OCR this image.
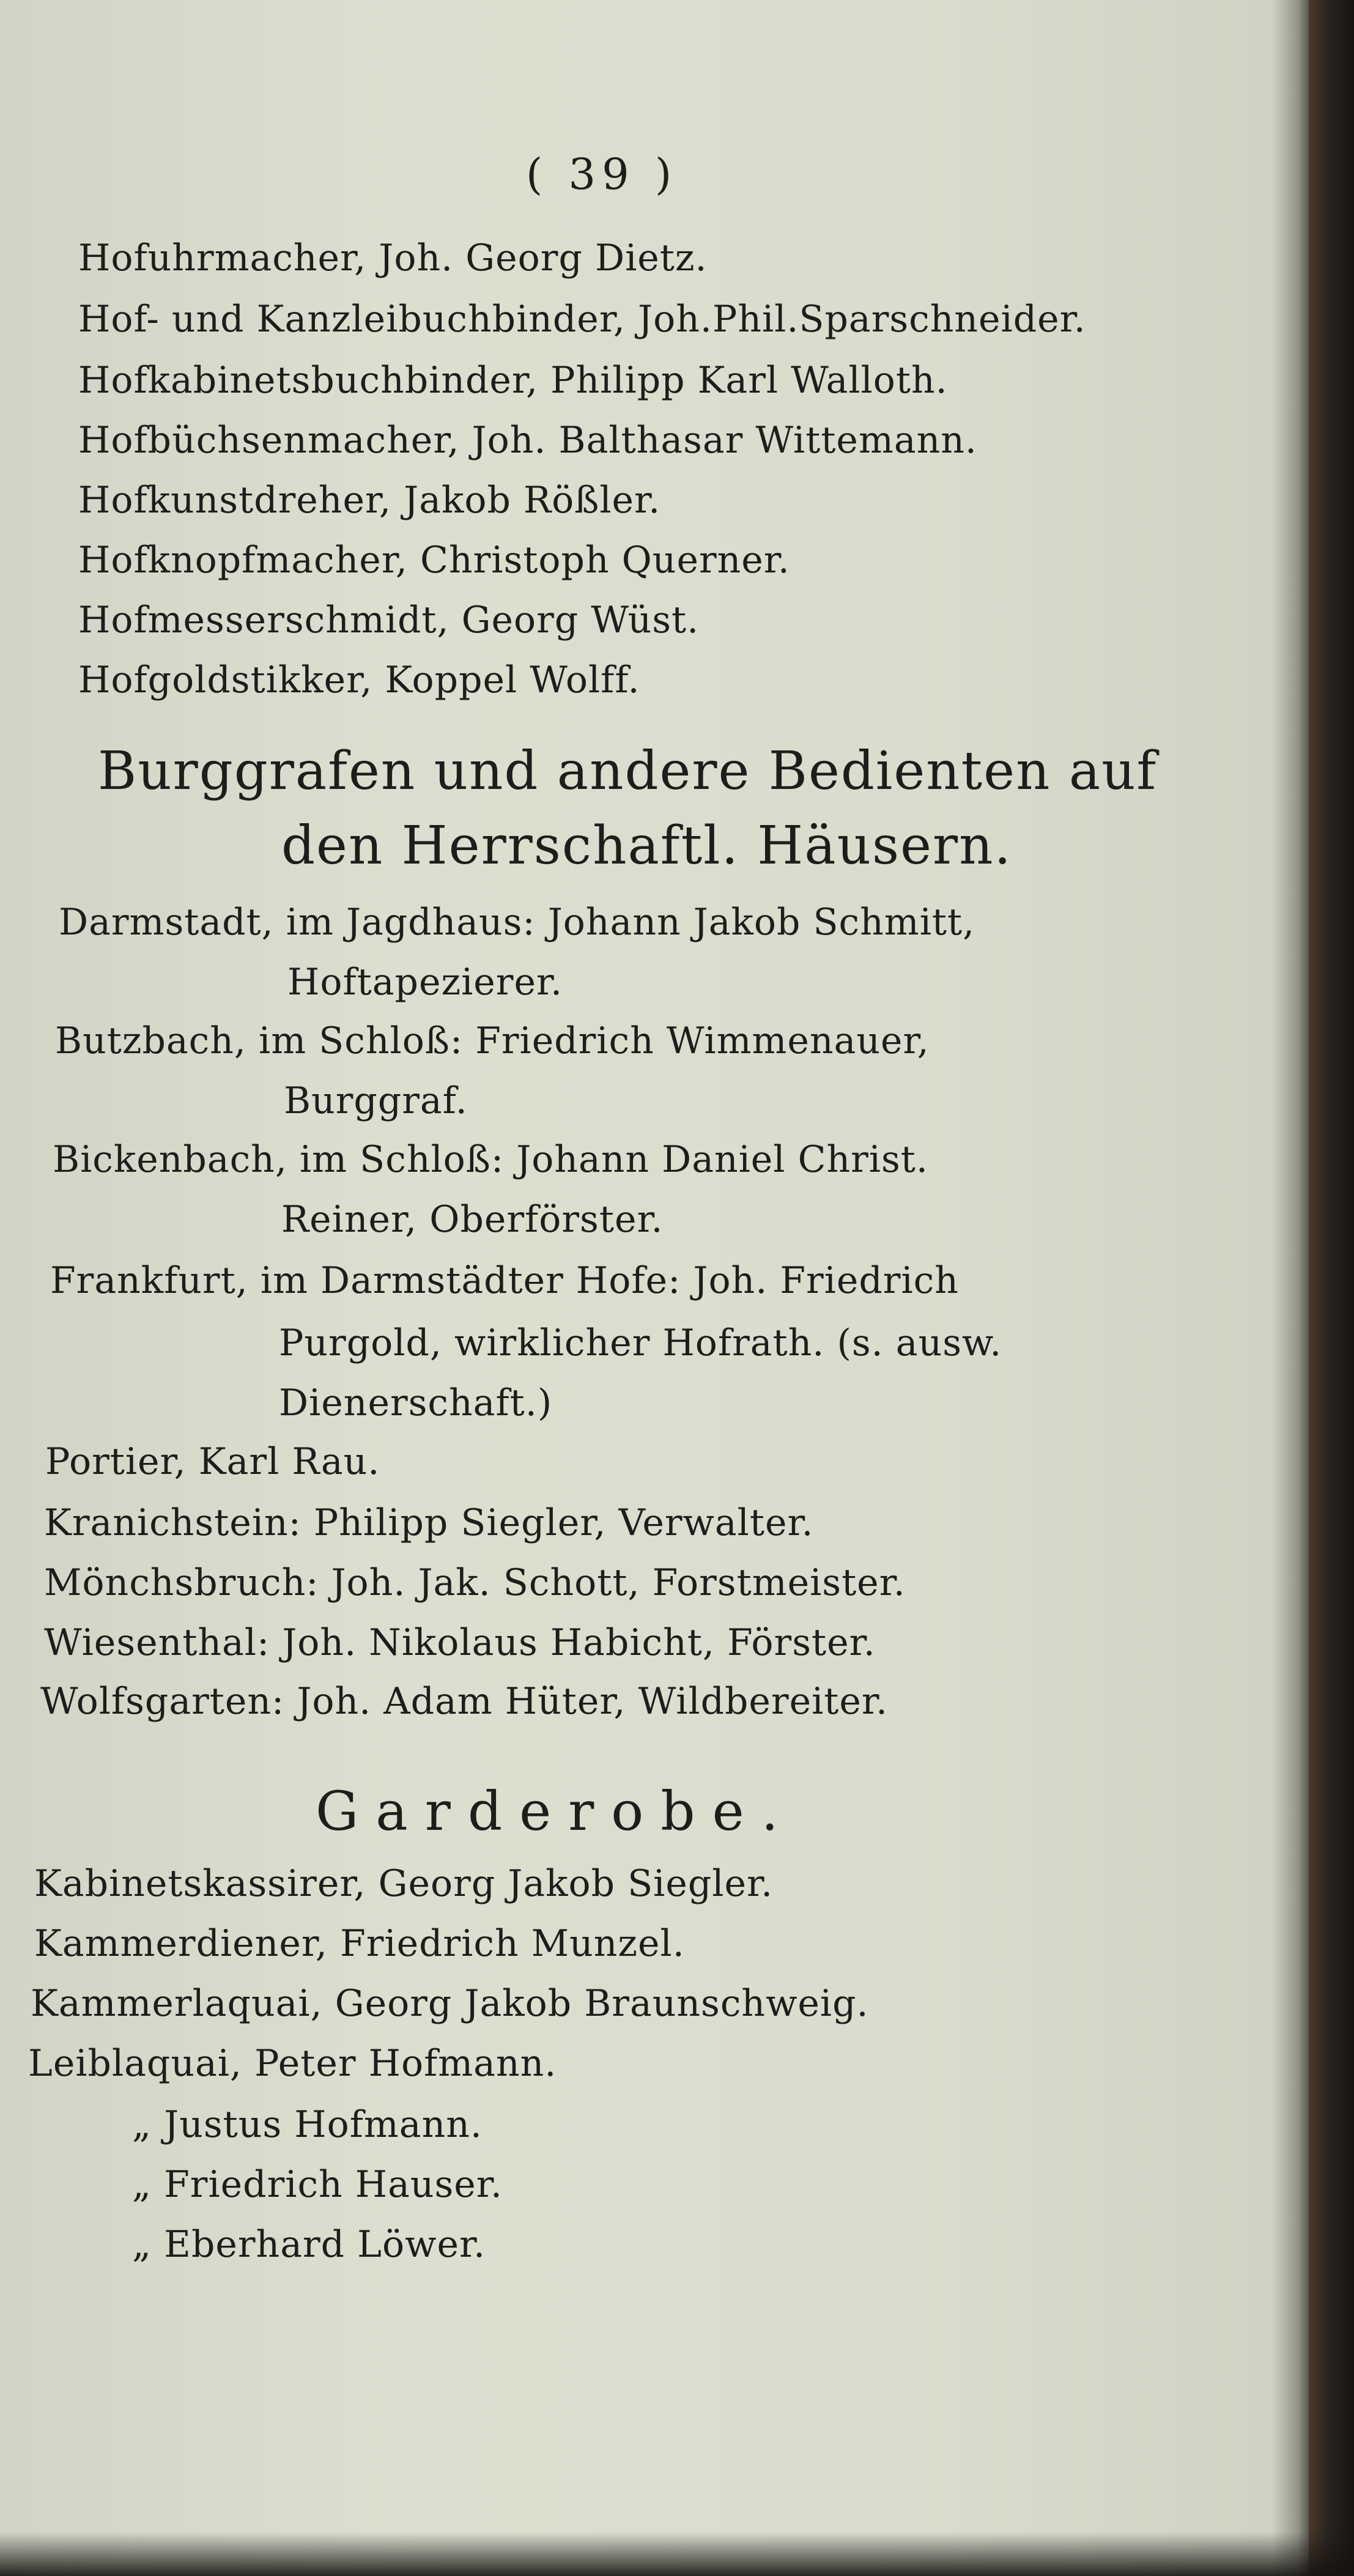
( 39 )
Hofuhrmacher, Joh. Georg Dietz.
Hof- und Kanzleibuchbinder, Joh.Phil.Sparschneider.
Hofkabinetsbuchbinder, Philipp Karl Walloth.
Hofbüchsenmacher, Joh. Balthasar Wittemann.
Hofkunstdreher, Jakob Rößler.
Hofknopfmacher, Christoph Querner.
Hofmesserschmidt, Georg Wüst.
Hofgoldstikker, Koppel Wolff.
Burggrafen und andere Bedienten auf
den Herrschaftl. Häusern.
Darmstadt, im Jagdhaus: Johann Jakob Schmitt,
Hoftapezierer.
Butzbach, im Schloß: Friedrich Wimmenauer,
Burggraf.
Bickenbach, im Schloß: Johann Daniel Christ.
Reiner, Oberförster.
Frankfurt, im Darmstädter Hofe: Joh. Friedrich
Purgold, wirklicher Hofrath. (s. ausw.
Dienerschaft.)
Portier, Karl Rau.
Kranichstein: Philipp Siegler, Verwalter.
Mönchsbruch: Joh. Jak. Schott, Forstmeister.
Wiesenthal: Joh. Nikolaus Habicht, Förster.
Wolfsgarten: Joh. Adam Hüter, Wildbereiter.
Garderobe.
Kabinetskassirer, Georg Jakob Siegler.
Kammerdiener, Friedrich Munzel.
Kammerlaquai, Georg Jakob Braunschweig.
Leiblaquai, Peter Hofmann.
„ Justus Hofmann.
„ Friedrich Hauser.
„ Eberhard Löwer.
